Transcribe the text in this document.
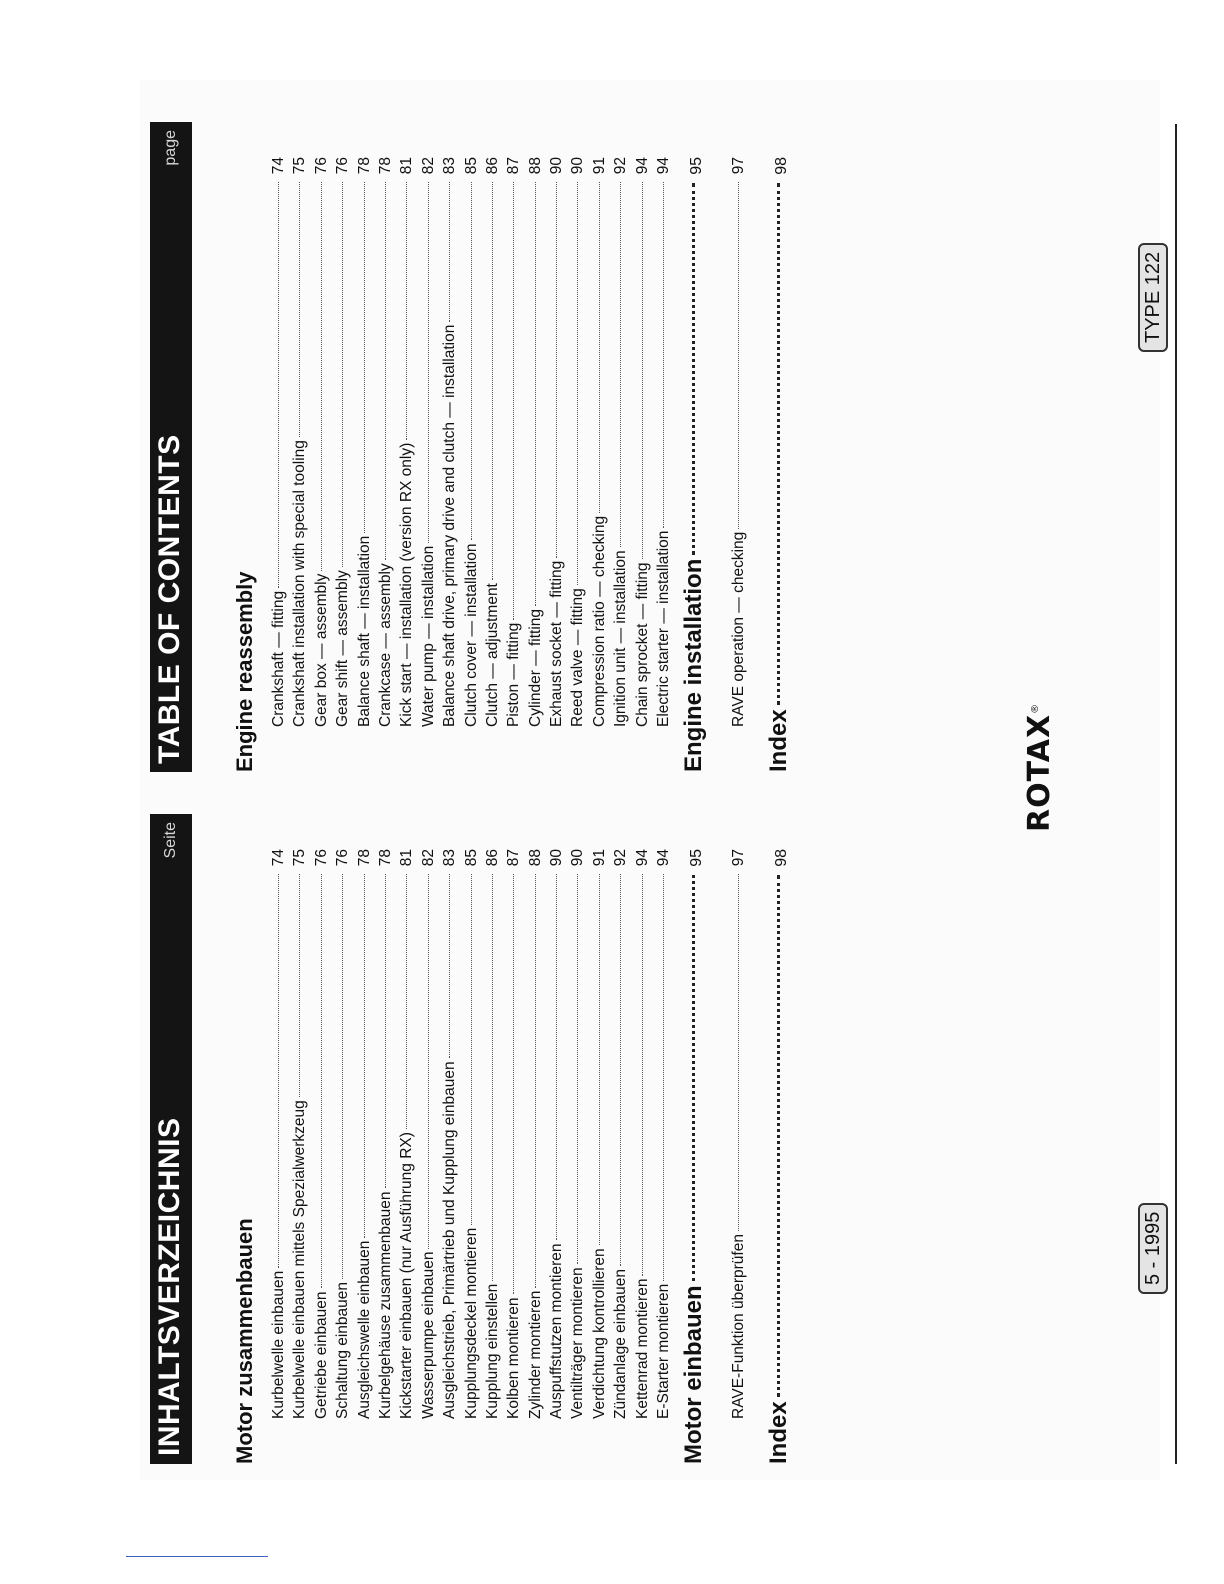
INHALTSVERZEICHNIS
Seite
Motor zusammenbauen Kurbelwelle einbauen
74
Kurbelwelle einbauen mittels Spezialwerkzeug
75
Getriebe einbauen
76
Schaltung einbauen
76
Ausgleichswelle einbauen
78
Kurbelgehäuse zusammenbauen
78
Kickstarter einbauen (nur Ausführung RX)
81
Wasserpumpe einbauen
82
Ausgleichstrieb, Primärtrieb und Kupplung einbauen
83
Kupplungsdeckel montieren
85
Kupplung einstellen
86
Kolben montieren
87
Zylinder montieren
88
Auspuffstutzen montieren
90
Ventilträger montieren
90
Verdichtung kontrollieren
91
Zündanlage einbauen
92
Kettenrad montieren
94
E-Starter montieren
94
Motor einbauen
95
RAVE-Funktion überprüfen
97
Index
98
TABLE OF CONTENTS
page
Engine reassembly Crankshaft — fitting
74
Crankshaft installation with special tooling
75
Gear box — assembly
76
Gear shift — assembly
76
Balance shaft — installation
78
Crankcase — assembly
78
Kick start — installation (version RX only)
81
Water pump — installation
82
Balance shaft drive, primary drive and clutch — installation
83
Clutch cover — installation
85
Clutch — adjustment
86
Piston — fitting
87
Cylinder — fitting
88
Exhaust socket — fitting
90
Reed valve — fitting
90
Compression ratio — checking
91
Ignition unit — installation
92
Chain sprocket — fitting
94
Electric starter — installation
94
Engine installation
95
RAVE operation — checking
97
Index
98
5 - 1995
ROTAX®
TYPE 122
